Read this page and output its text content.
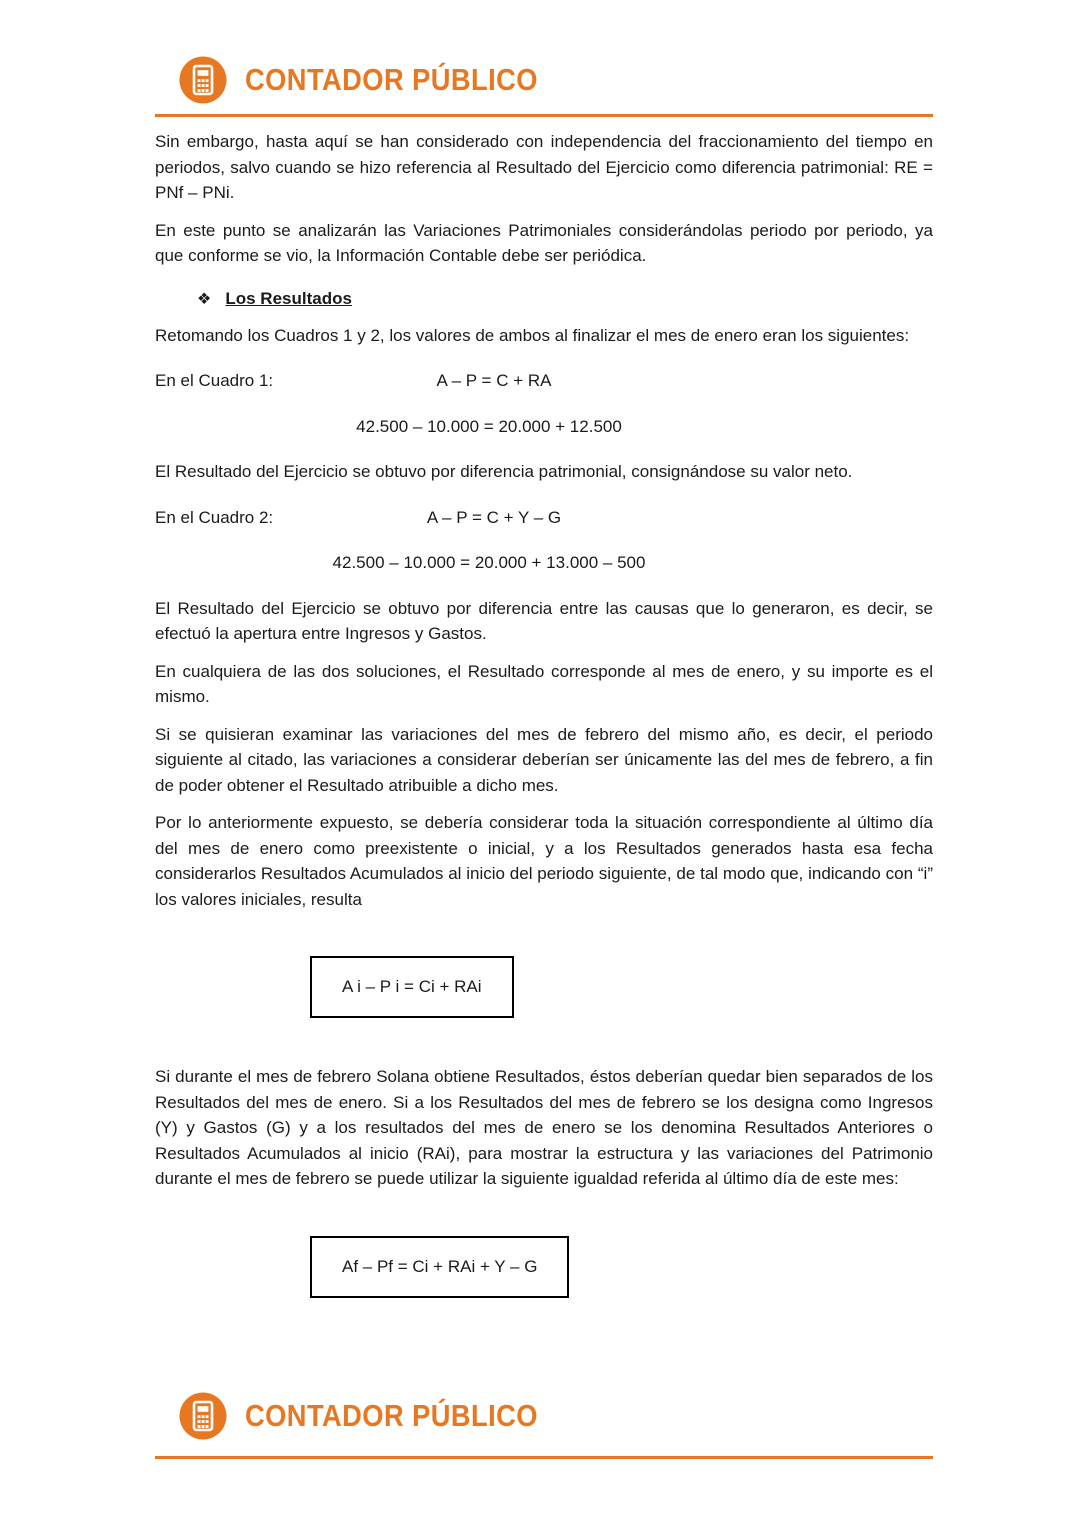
CONTADOR PÚBLICO

Sin embargo, hasta aquí se han considerado con independencia del fraccionamiento del tiempo en periodos, salvo cuando se hizo referencia al Resultado del Ejercicio como diferencia patrimonial: RE = PNf – PNi.

En este punto se analizarán las Variaciones Patrimoniales considerándolas periodo por periodo, ya que conforme se vio, la Información Contable debe ser periódica.

❖ Los Resultados

Retomando los Cuadros 1 y 2, los valores de ambos al finalizar el mes de enero eran los siguientes:

En el Cuadro 1:	A – P = C + RA
42.500 – 10.000 = 20.000 + 12.500

El Resultado del Ejercicio se obtuvo por diferencia patrimonial, consignándose su valor neto.

En el Cuadro 2:	A – P = C + Y – G
42.500 – 10.000 = 20.000 + 13.000 – 500

El Resultado del Ejercicio se obtuvo por diferencia entre las causas que lo generaron, es decir, se efectuó la apertura entre Ingresos y Gastos.

En cualquiera de las dos soluciones, el Resultado corresponde al mes de enero, y su importe es el mismo.

Si se quisieran examinar las variaciones del mes de febrero del mismo año, es decir, el periodo siguiente al citado, las variaciones a considerar deberían ser únicamente las del mes de febrero, a fin de poder obtener el Resultado atribuible a dicho mes.

Por lo anteriormente expuesto, se debería considerar toda la situación correspondiente al último día del mes de enero como preexistente o inicial, y a los Resultados generados hasta esa fecha considerarlos Resultados Acumulados al inicio del periodo siguiente, de tal modo que, indicando con “i” los valores iniciales, resulta

A i – P i = Ci + RAi

Si durante el mes de febrero Solana obtiene Resultados, éstos deberían quedar bien separados de los Resultados del mes de enero. Si a los Resultados del mes de febrero se los designa como Ingresos (Y) y Gastos (G) y a los resultados del mes de enero se los denomina Resultados Anteriores o Resultados Acumulados al inicio (RAi), para mostrar la estructura y las variaciones del Patrimonio durante el mes de febrero se puede utilizar la siguiente igualdad referida al último día de este mes:

Af – Pf = Ci + RAi + Y – G
CONTADOR PÚBLICO
